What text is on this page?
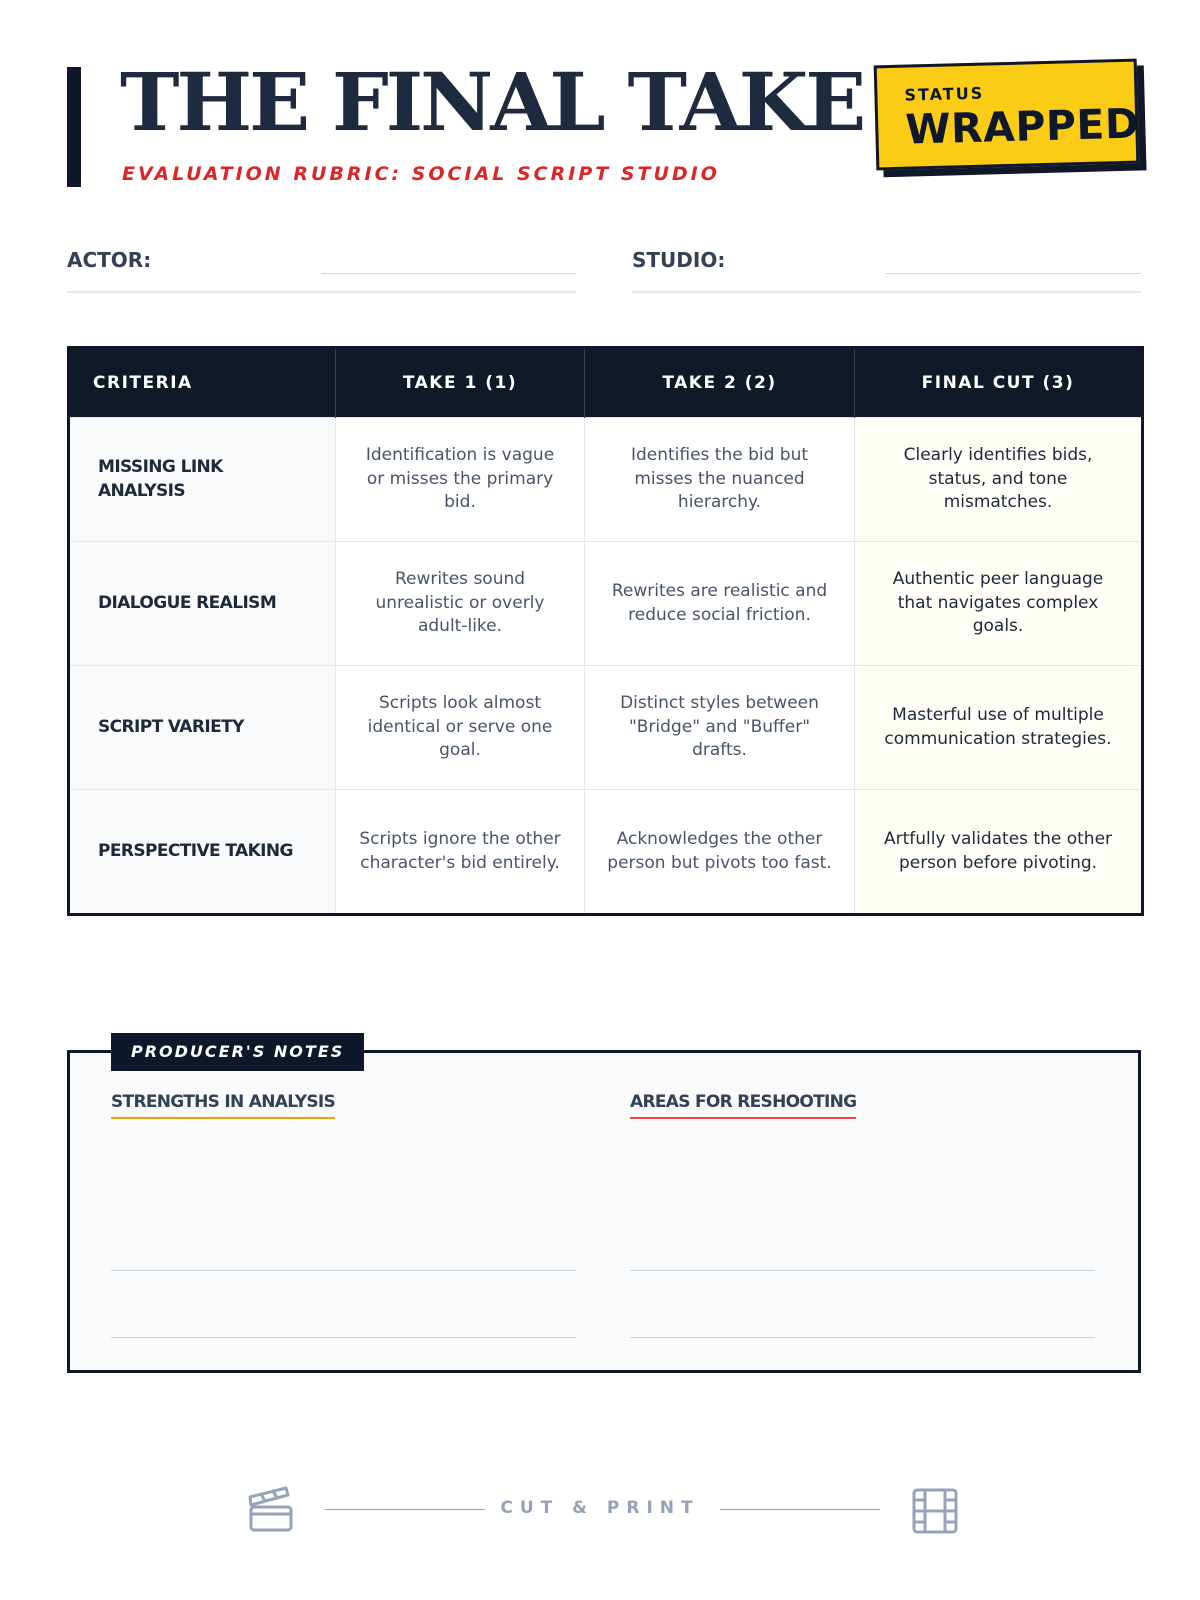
THE FINAL TAKE
EVALUATION RUBRIC: SOCIAL SCRIPT STUDIO
STATUS
WRAPPED
ACTOR:	STUDIO:
CRITERIA	TAKE 1 (1)	TAKE 2 (2)	FINAL CUT (3)
MISSING LINK ANALYSIS	Identification is vague or misses the primary bid.	Identifies the bid but misses the nuanced hierarchy.	Clearly identifies bids, status, and tone mismatches.
DIALOGUE REALISM	Rewrites sound unrealistic or overly adult-like.	Rewrites are realistic and reduce social friction.	Authentic peer language that navigates complex goals.
SCRIPT VARIETY	Scripts look almost identical or serve one goal.	Distinct styles between "Bridge" and "Buffer" drafts.	Masterful use of multiple communication strategies.
PERSPECTIVE TAKING	Scripts ignore the other character's bid entirely.	Acknowledges the other person but pivots too fast.	Artfully validates the other person before pivoting.
PRODUCER'S NOTES
STRENGTHS IN ANALYSIS	AREAS FOR RESHOOTING
CUT & PRINT
